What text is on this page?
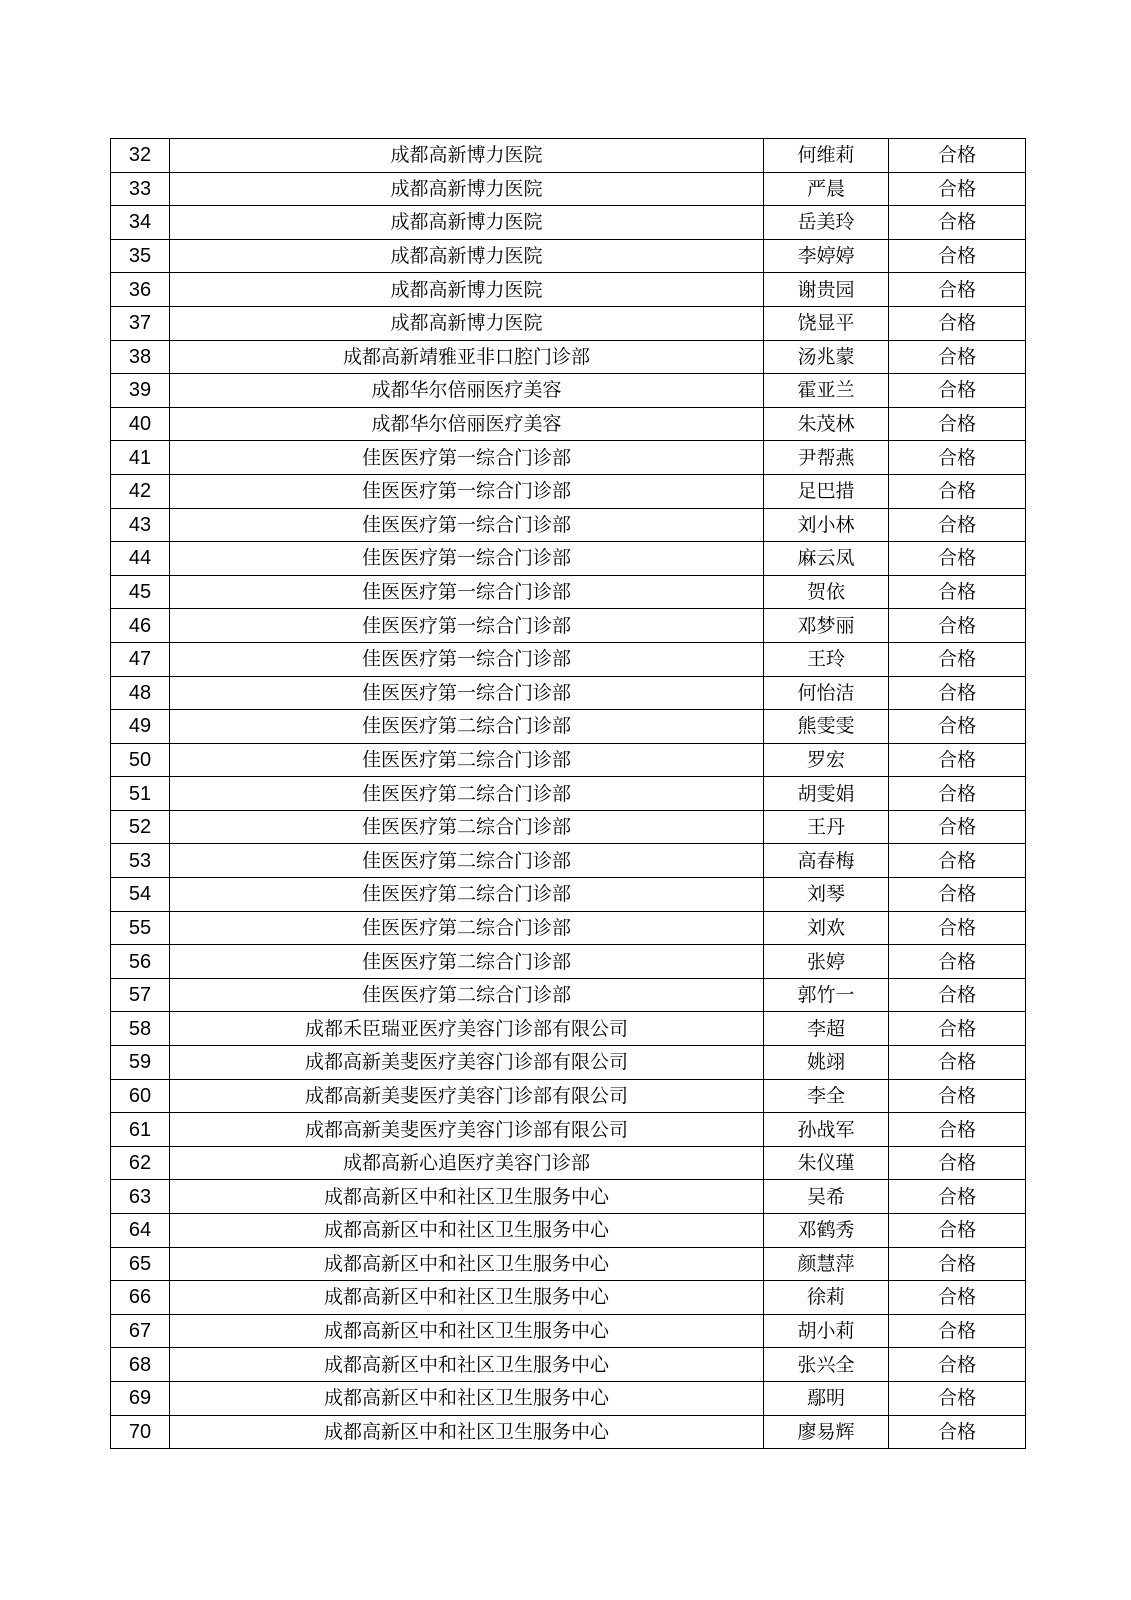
32	成都高新博力医院	何维莉	合格
33	成都高新博力医院	严晨	合格
34	成都高新博力医院	岳美玲	合格
35	成都高新博力医院	李婷婷	合格
36	成都高新博力医院	谢贵园	合格
37	成都高新博力医院	饶显平	合格
38	成都高新靖雅亚非口腔门诊部	汤兆蒙	合格
39	成都华尔倍丽医疗美容	霍亚兰	合格
40	成都华尔倍丽医疗美容	朱茂林	合格
41	佳医医疗第一综合门诊部	尹帮燕	合格
42	佳医医疗第一综合门诊部	足巴措	合格
43	佳医医疗第一综合门诊部	刘小林	合格
44	佳医医疗第一综合门诊部	麻云凤	合格
45	佳医医疗第一综合门诊部	贺依	合格
46	佳医医疗第一综合门诊部	邓梦丽	合格
47	佳医医疗第一综合门诊部	王玲	合格
48	佳医医疗第一综合门诊部	何怡洁	合格
49	佳医医疗第二综合门诊部	熊雯雯	合格
50	佳医医疗第二综合门诊部	罗宏	合格
51	佳医医疗第二综合门诊部	胡雯娟	合格
52	佳医医疗第二综合门诊部	王丹	合格
53	佳医医疗第二综合门诊部	高春梅	合格
54	佳医医疗第二综合门诊部	刘琴	合格
55	佳医医疗第二综合门诊部	刘欢	合格
56	佳医医疗第二综合门诊部	张婷	合格
57	佳医医疗第二综合门诊部	郭竹一	合格
58	成都禾臣瑞亚医疗美容门诊部有限公司	李超	合格
59	成都高新美斐医疗美容门诊部有限公司	姚翊	合格
60	成都高新美斐医疗美容门诊部有限公司	李全	合格
61	成都高新美斐医疗美容门诊部有限公司	孙战军	合格
62	成都高新心追医疗美容门诊部	朱仪瑾	合格
63	成都高新区中和社区卫生服务中心	吴希	合格
64	成都高新区中和社区卫生服务中心	邓鹤秀	合格
65	成都高新区中和社区卫生服务中心	颜慧萍	合格
66	成都高新区中和社区卫生服务中心	徐莉	合格
67	成都高新区中和社区卫生服务中心	胡小莉	合格
68	成都高新区中和社区卫生服务中心	张兴全	合格
69	成都高新区中和社区卫生服务中心	鄢明	合格
70	成都高新区中和社区卫生服务中心	廖易辉	合格
